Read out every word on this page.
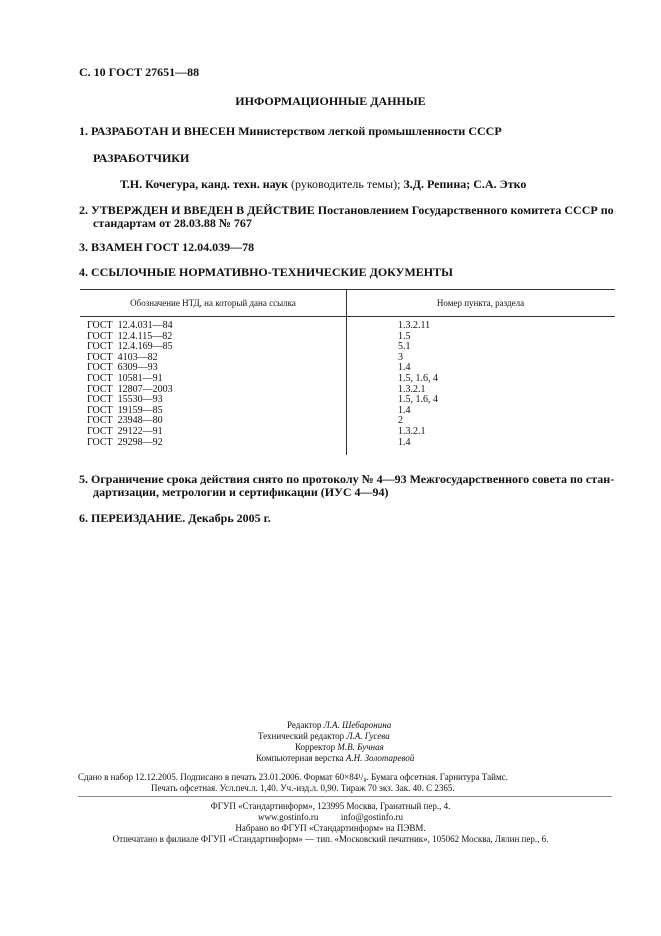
С. 10 ГОСТ 27651—88
ИНФОРМАЦИОННЫЕ ДАННЫЕ
1. РАЗРАБОТАН И ВНЕСЕН Министерством легкой промышленности СССР
РАЗРАБОТЧИКИ
Т.Н. Кочегура, канд. техн. наук (руководитель темы); З.Д. Репина; С.А. Этко
2. УТВЕРЖДЕН И ВВЕДЕН В ДЕЙСТВИЕ Постановлением Государственного комитета СССР по
стандартам от 28.03.88 № 767
3. ВЗАМЕН ГОСТ 12.04.039—78
4. ССЫЛОЧНЫЕ НОРМАТИВНО-ТЕХНИЧЕСКИЕ ДОКУМЕНТЫ
Обозначение НТД, на который дана ссылка	Номер пункта, раздела
ГОСТ  12.4.031—84
ГОСТ  12.4.115—82
ГОСТ  12.4.169—85
ГОСТ  4103—82
ГОСТ  6309—93
ГОСТ  10581—91
ГОСТ  12807—2003
ГОСТ  15530—93
ГОСТ  19159—85
ГОСТ  23948—80
ГОСТ  29122—91
ГОСТ  29298—92
1.3.2.11
1.5
5.1
3
1.4
1.5, 1.6, 4
1.3.2.1
1.5, 1.6, 4
1.4
2
1.3.2.1
1.4
5. Ограничение срока действия снято по протоколу № 4—93 Межгосударственного совета по стан-
дартизации, метрологии и сертификации (ИУС 4—94)
6. ПЕРЕИЗДАНИЕ. Декабрь 2005 г.
Редактор Л.А. Шебаронина
Технический редактор Л.А. Гусева
Корректор М.В. Бучная
Компьютерная верстка А.Н. Золотаревой
Сдано в набор 12.12.2005. Подписано в печать 23.01.2006. Формат 60×84¹/₈. Бумага офсетная. Гарнитура Таймс.
Печать офсетная. Усл.печ.л. 1,40. Уч.-изд.л. 0,90. Тираж 70 экз. Зак. 40. С 2365.
ФГУП «Стандартинформ», 123995 Москва, Гранатный пер., 4.
www.gostinfo.ru          info@gostinfo.ru
Набрано во ФГУП «Стандартинформ» на ПЭВМ.
Отпечатано в филиале ФГУП «Стандартинформ» — тип. «Московский печатник», 105062 Москва, Лялин пер., 6.
